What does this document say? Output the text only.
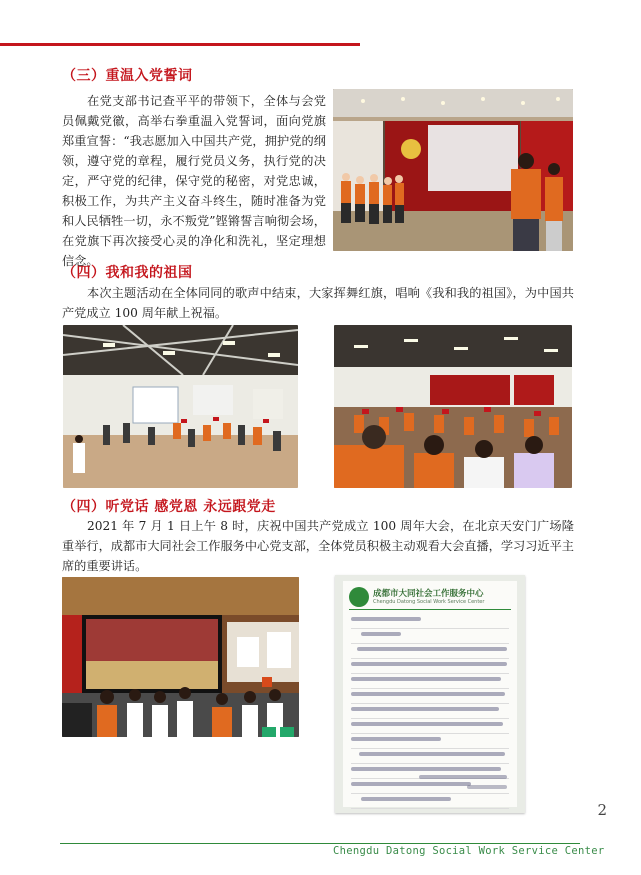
（三）重温入党誓词
在党支部书记查平平的带领下，全体与会党员佩戴党徽，高举右拳重温入党誓词，面向党旗郑重宣誓：“我志愿加入中国共产党，拥护党的纲领，遵守党的章程，履行党员义务，执行党的决定，严守党的纪律，保守党的秘密，对党忠诚，积极工作，为共产主义奋斗终生，随时准备为党和人民牺牲一切，永不叛党”铿锵誓言响彻会场，在党旗下再次接受心灵的净化和洗礼，坚定理想信念。
（四）我和我的祖国
本次主题活动在全体同同的歌声中结束，大家挥舞红旗，唱响《我和我的祖国》，为中国共产党成立 100 周年献上祝福。
（四）听党话 感党恩 永远跟党走
2021 年 7 月 1 日上午 8 时，庆祝中国共产党成立 100 周年大会，在北京天安门广场隆重举行，成都市大同社会工作服务中心党支部，全体党员积极主动观看大会直播，学习习近平主席的重要讲话。
成都市大同社会工作服务中心
Chengdu Datong Social Work Service Center
2
Chengdu Datong Social Work Service Center
